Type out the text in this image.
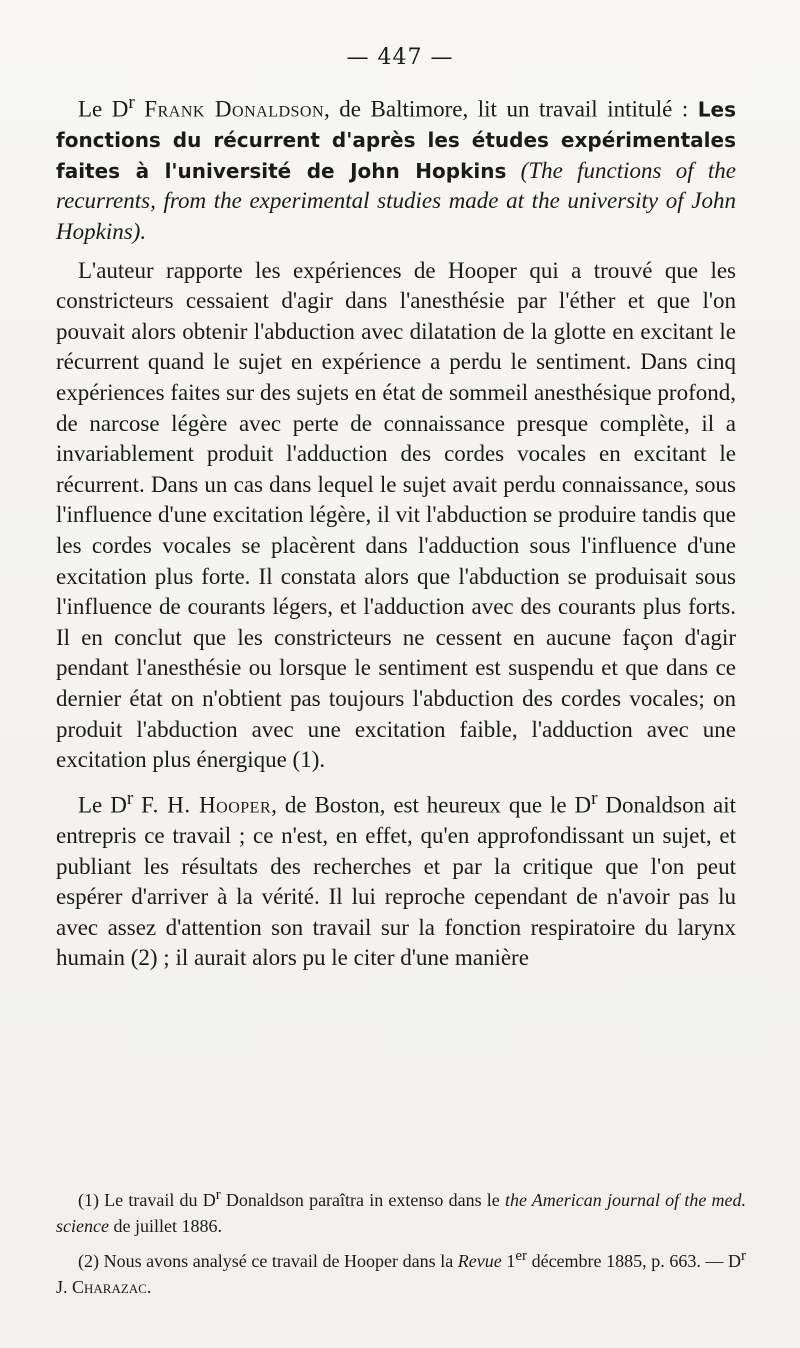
— 447 —

Le $D^r$ Frank Donaldson, de Baltimore, lit un travail intitulé : Les fonctions du récurrent d'après les études expérimentales faites à l'université de John Hopkins (The functions of the recurrents, from the experimental studies made at the university of John Hopkins).

L'auteur rapporte les expériences de Hooper qui a trouvé que les constricteurs cessaient d'agir dans l'anesthésie par l'éther et que l'on pouvait alors obtenir l'abduction avec dilatation de la glotte en excitant le récurrent quand le sujet en expérience a perdu le sentiment. Dans cinq expériences faites sur des sujets en état de sommeil anesthésique profond, de narcose légère avec perte de connaissance presque complète, il a invariablement produit l'adduction des cordes vocales en excitant le récurrent. Dans un cas dans lequel le sujet avait perdu connaissance, sous l'influence d'une excitation légère, il vit l'abduction se produire tandis que les cordes vocales se placèrent dans l'adduction sous l'influence d'une excitation plus forte. Il constata alors que l'abduction se produisait sous l'influence de courants légers, et l'adduction avec des courants plus forts. Il en conclut que les constricteurs ne cessent en aucune façon d'agir pendant l'anesthésie ou lorsque le sentiment est suspendu et que dans ce dernier état on n'obtient pas toujours l'abduction des cordes vocales; on produit l'abduction avec une excitation faible, l'adduction avec une excitation plus énergique (1).

Le $D^r$ F. H. Hooper, de Boston, est heureux que le $D^r$ Donaldson ait entrepris ce travail ; ce n'est, en effet, qu'en approfondissant un sujet, et publiant les résultats des recherches et par la critique que l'on peut espérer d'arriver à la vérité. Il lui reproche cependant de n'avoir pas lu avec assez d'attention son travail sur la fonction respiratoire du larynx humain (2) ; il aurait alors pu le citer d'une manière

(1) Le travail du $D^r$ Donaldson paraîtra in extenso dans le the American journal of the med. science de juillet 1886.

(2) Nous avons analysé ce travail de Hooper dans la Revue 1er décembre 1885, p. 663. — $D^r$ J. Charazac.
